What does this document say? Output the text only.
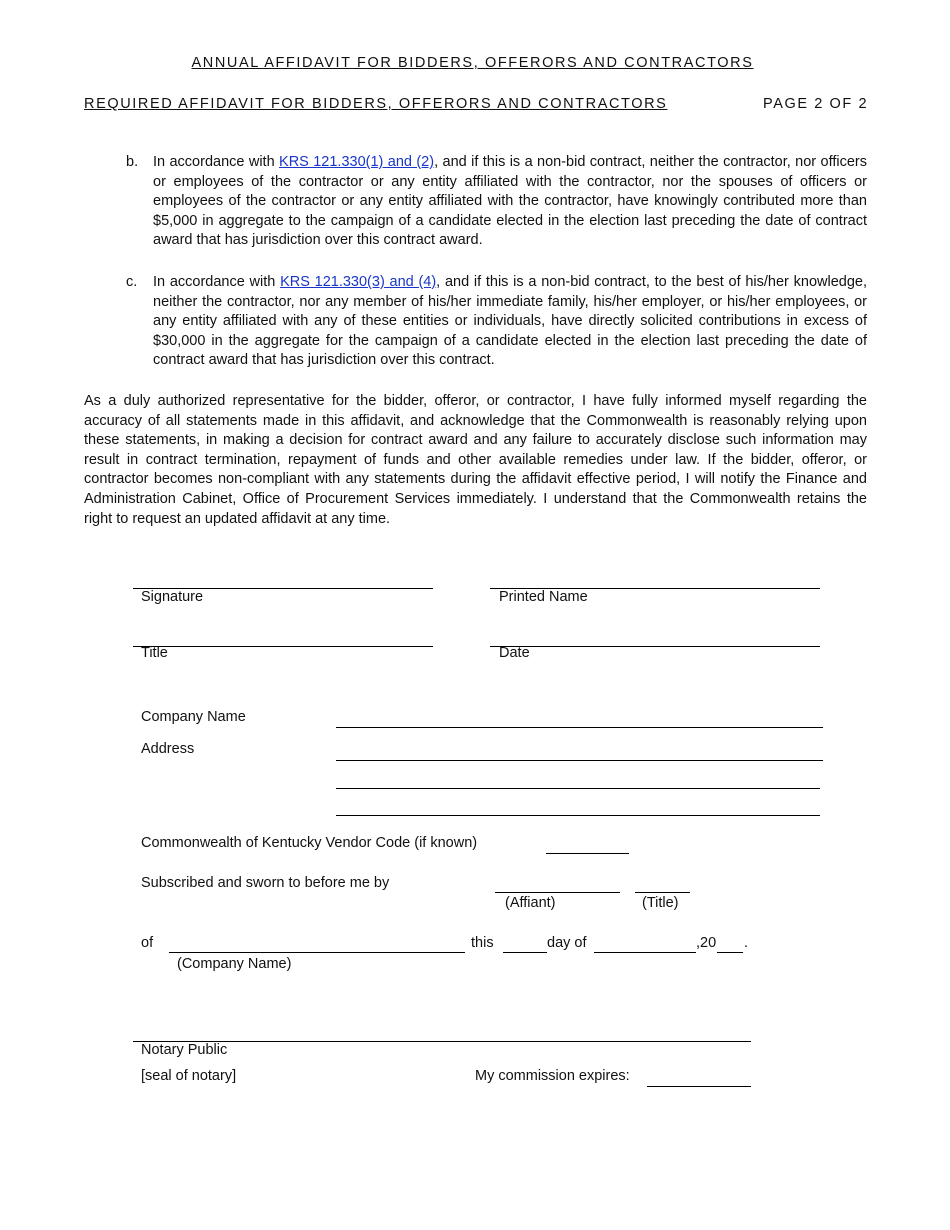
ANNUAL AFFIDAVIT FOR BIDDERS, OFFERORS AND CONTRACTORS
REQUIRED AFFIDAVIT FOR BIDDERS, OFFERORS AND CONTRACTORS	PAGE 2 OF 2
b. In accordance with KRS 121.330(1) and (2), and if this is a non-bid contract, neither the contractor, nor officers or employees of the contractor or any entity affiliated with the contractor, nor the spouses of officers or employees of the contractor or any entity affiliated with the contractor, have knowingly contributed more than $5,000 in aggregate to the campaign of a candidate elected in the election last preceding the date of contract award that has jurisdiction over this contract award.
c. In accordance with KRS 121.330(3) and (4), and if this is a non-bid contract, to the best of his/her knowledge, neither the contractor, nor any member of his/her immediate family, his/her employer, or his/her employees, or any entity affiliated with any of these entities or individuals, have directly solicited contributions in excess of $30,000 in the aggregate for the campaign of a candidate elected in the election last preceding the date of contract award that has jurisdiction over this contract.
As a duly authorized representative for the bidder, offeror, or contractor, I have fully informed myself regarding the accuracy of all statements made in this affidavit, and acknowledge that the Commonwealth is reasonably relying upon these statements, in making a decision for contract award and any failure to accurately disclose such information may result in contract termination, repayment of funds and other available remedies under law. If the bidder, offeror, or contractor becomes non-compliant with any statements during the affidavit effective period, I will notify the Finance and Administration Cabinet, Office of Procurement Services immediately. I understand that the Commonwealth retains the right to request an updated affidavit at any time.
Signature	Printed Name
Title	Date
Company Name
Address
Commonwealth of Kentucky Vendor Code (if known)
Subscribed and sworn to before me by
(Affiant)	(Title)
of	this	day of	,20 .
(Company Name)
Notary Public
[seal of notary]	My commission expires:
